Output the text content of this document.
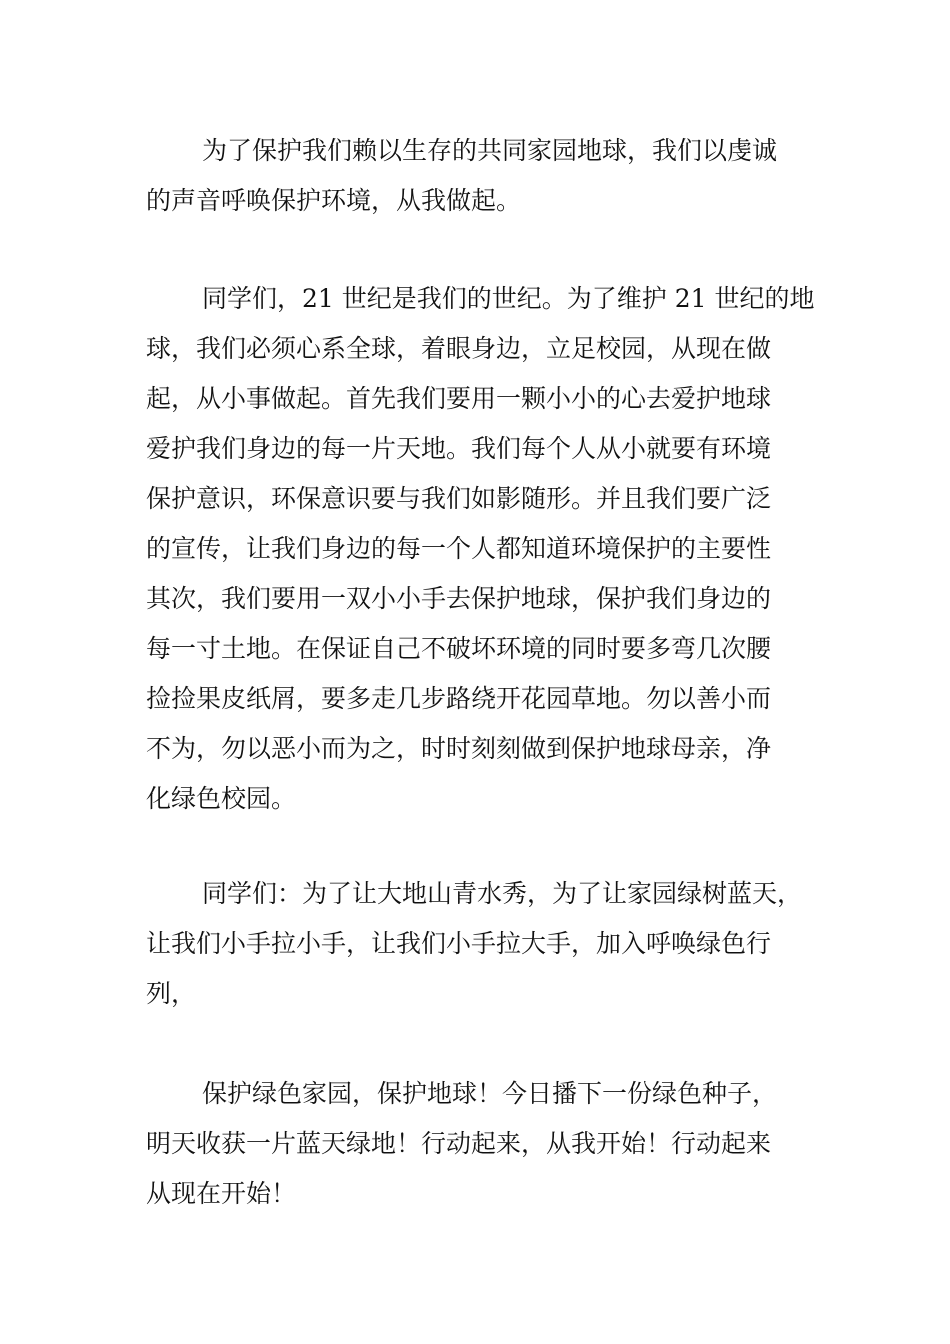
为了保护我们赖以生存的共同家园地球，我们以虔诚
的声音呼唤保护环境，从我做起。

同学们，21 世纪是我们的世纪。为了维护 21 世纪的地
球，我们必须心系全球，着眼身边，立足校园，从现在做
起，从小事做起。首先我们要用一颗小小的心去爱护地球
爱护我们身边的每一片天地。我们每个人从小就要有环境
保护意识，环保意识要与我们如影随形。并且我们要广泛
的宣传，让我们身边的每一个人都知道环境保护的主要性
其次，我们要用一双小小手去保护地球，保护我们身边的
每一寸土地。在保证自己不破坏环境的同时要多弯几次腰
捡捡果皮纸屑，要多走几步路绕开花园草地。勿以善小而
不为，勿以恶小而为之，时时刻刻做到保护地球母亲，净
化绿色校园。

同学们：为了让大地山青水秀，为了让家园绿树蓝天，
让我们小手拉小手，让我们小手拉大手，加入呼唤绿色行
列，

保护绿色家园，保护地球！今日播下一份绿色种子，
明天收获一片蓝天绿地！行动起来，从我开始！行动起来
从现在开始！
